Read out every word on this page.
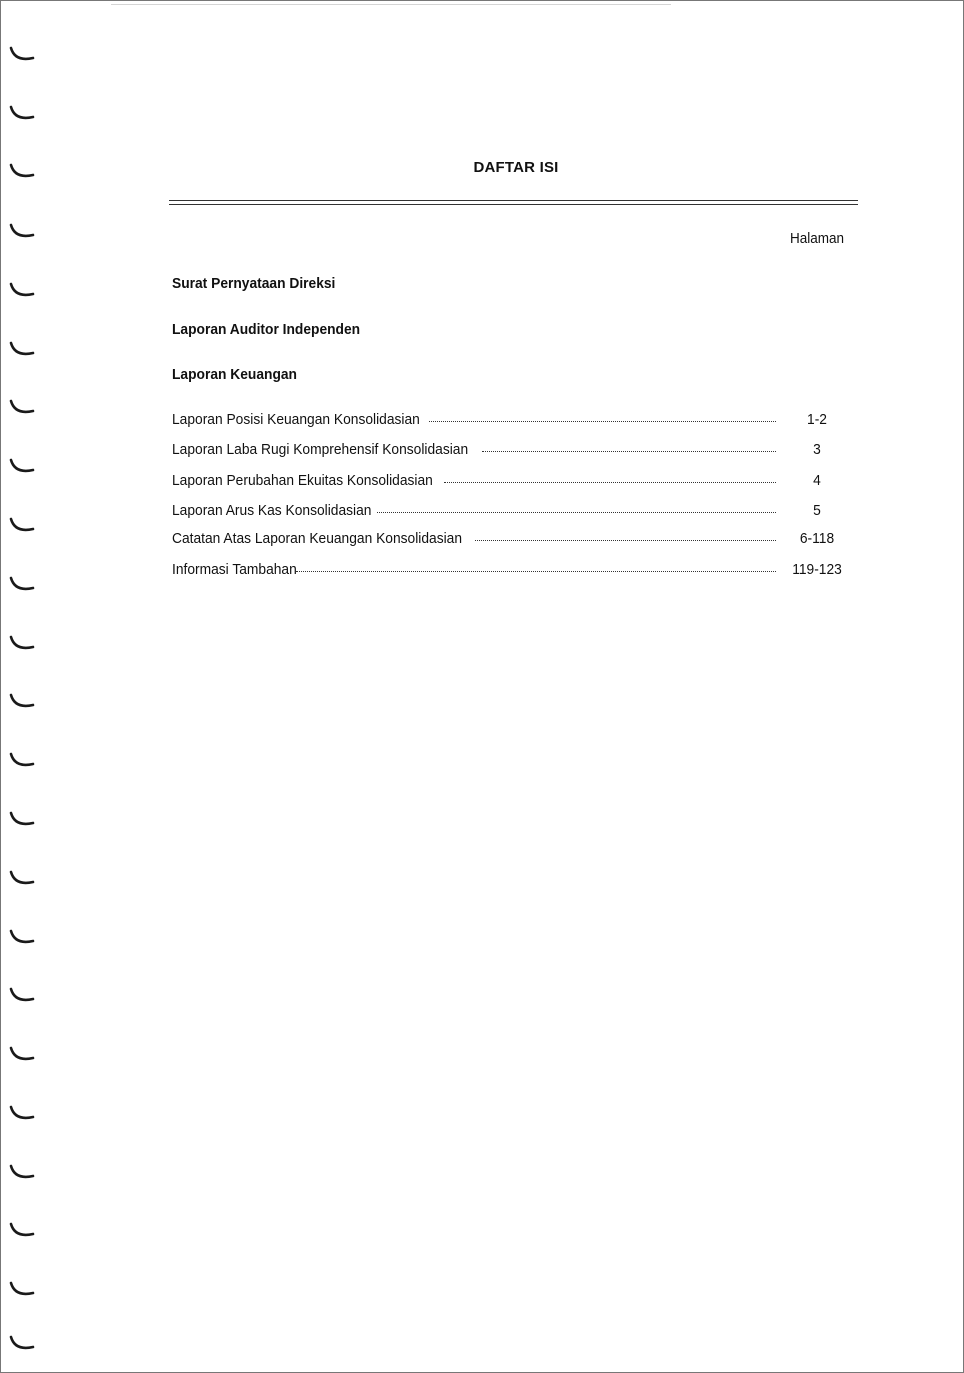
DAFTAR ISI
Halaman
Surat Pernyataan Direksi
Laporan Auditor Independen
Laporan Keuangan
Laporan Posisi Keuangan Konsolidasian	1-2
Laporan Laba Rugi Komprehensif Konsolidasian	3
Laporan Perubahan Ekuitas Konsolidasian	4
Laporan Arus Kas Konsolidasian	5
Catatan Atas Laporan Keuangan Konsolidasian	6-118
Informasi Tambahan	119-123
